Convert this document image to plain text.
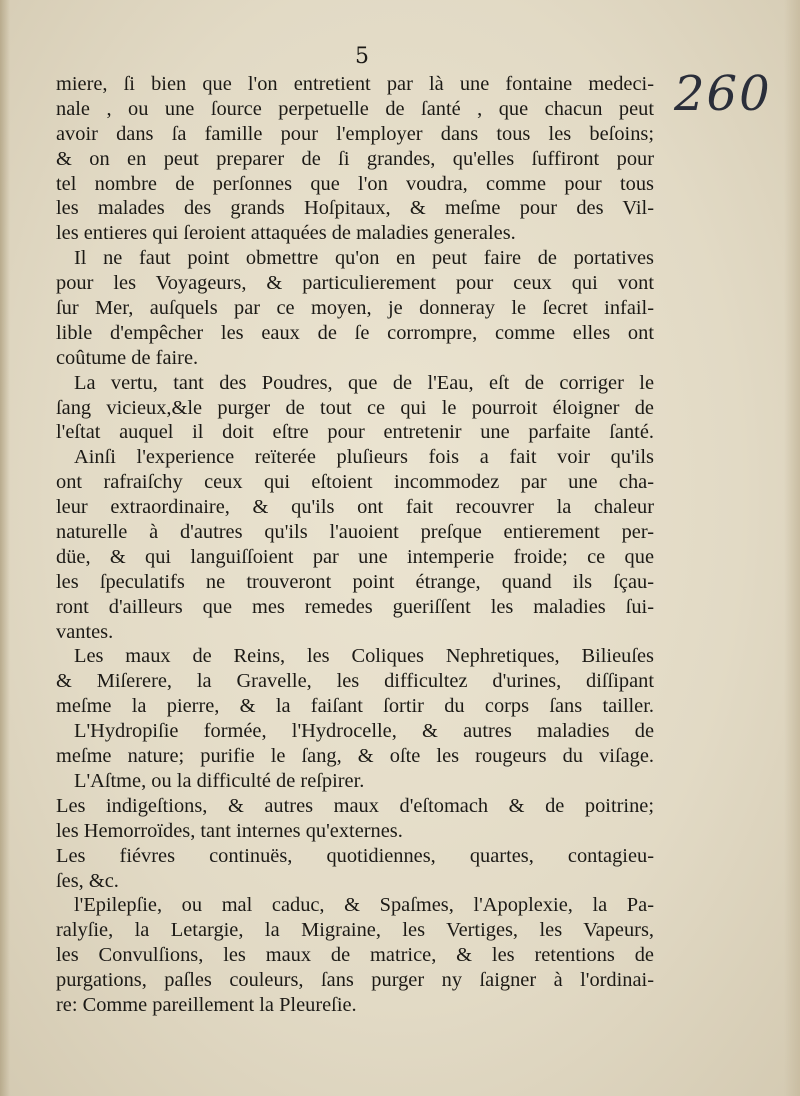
5
260
miere, ſi bien que l'on entretient par là une fontaine medeci-
nale , ou une ſource perpetuelle de ſanté , que chacun peut
avoir dans ſa famille pour l'employer dans tous les beſoins;
& on en peut preparer de ſi grandes, qu'elles ſuffiront pour
tel nombre de perſonnes que l'on voudra, comme pour tous
les malades des grands Hoſpitaux, & meſme pour des Vil-
les entieres qui ſeroient attaquées de maladies generales.
Il ne faut point obmettre qu'on en peut faire de portatives
pour les Voyageurs, & particulierement pour ceux qui vont
ſur Mer, auſquels par ce moyen, je donneray le ſecret infail-
lible d'empêcher les eaux de ſe corrompre, comme elles ont
coûtume de faire.
La vertu, tant des Poudres, que de l'Eau, eſt de corriger le
ſang vicieux,&le purger de tout ce qui le pourroit éloigner de
l'eſtat auquel il doit eſtre pour entretenir une parfaite ſanté.
Ainſi l'experience reïterée pluſieurs fois a fait voir qu'ils
ont rafraiſchy ceux qui eſtoient incommodez par une cha-
leur extraordinaire, & qu'ils ont fait recouvrer la chaleur
naturelle à d'autres qu'ils l'auoient preſque entierement per-
düe, & qui languiſſoient par une intemperie froide; ce que
les ſpeculatifs ne trouveront point étrange, quand ils ſçau-
ront d'ailleurs que mes remedes gueriſſent les maladies ſui-
vantes.
Les maux de Reins, les Coliques Nephretiques, Bilieuſes
& Miſerere, la Gravelle, les difficultez d'urines, diſſipant
meſme la pierre, & la faiſant ſortir du corps ſans tailler.
L'Hydropiſie formée, l'Hydrocelle, & autres maladies de
meſme nature; purifie le ſang, & oſte les rougeurs du viſage.
L'Aſtme, ou la difficulté de reſpirer.
Les indigeſtions, & autres maux d'eſtomach & de poitrine;
les Hemorroïdes, tant internes qu'externes.
Les fiévres continuës, quotidiennes, quartes, contagieu-
ſes, &c.
l'Epilepſie, ou mal caduc, & Spaſmes, l'Apoplexie, la Pa-
ralyſie, la Letargie, la Migraine, les Vertiges, les Vapeurs,
les Convulſions, les maux de matrice, & les retentions de
purgations, paſles couleurs, ſans purger ny ſaigner à l'ordinai-
re: Comme pareillement la Pleureſie.
